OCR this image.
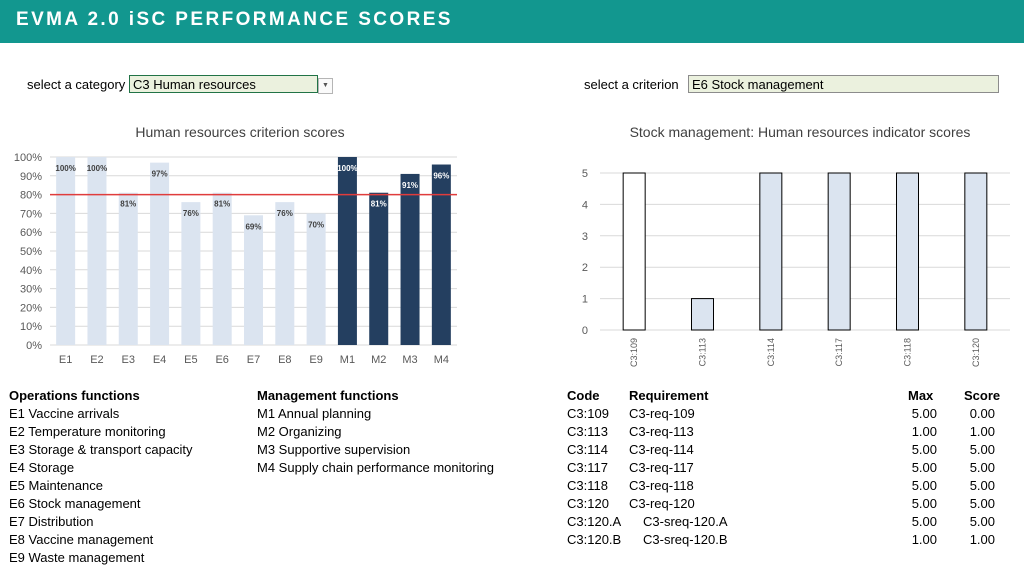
EVMA 2.0 iSC PERFORMANCE SCORES
select a category C3 Human resources	▼	select a criterion	E6 Stock management
Human resources criterion scores
0%
10%
20%
30%
40%
50%
60%
70%
80%
90%
100%
100%
E1
100%
E2
81%
E3
97%
E4
76%
E5
81%
E6
69%
E7
76%
E8
70%
E9
100%
M1
81%
M2
91%
M3
96%
M4
Stock management: Human resources indicator scores
0
1
2
3
4
5
C3:109	C3:113	C3:114	C3:117	C3:118	C3:120
Operations functions
E1 Vaccine arrivals
E2 Temperature monitoring
E3 Storage & transport capacity
E4 Storage
E5 Maintenance
E6 Stock management
E7 Distribution
E8 Vaccine management
E9 Waste management
Management functions
M1 Annual planning
M2 Organizing
M3 Supportive supervision
M4 Supply chain performance monitoring
Code Requirement	Max Score
C3:109 C3-req-109	5.00	0.00
C3:113 C3-req-113	1.00	1.00
C3:114 C3-req-114	5.00	5.00
C3:117 C3-req-117	5.00	5.00
C3:118 C3-req-118	5.00	5.00
C3:120 C3-req-120	5.00	5.00
C3:120.A C3-sreq-120.A	5.00	5.00
C3:120.B C3-sreq-120.B	1.00	1.00
